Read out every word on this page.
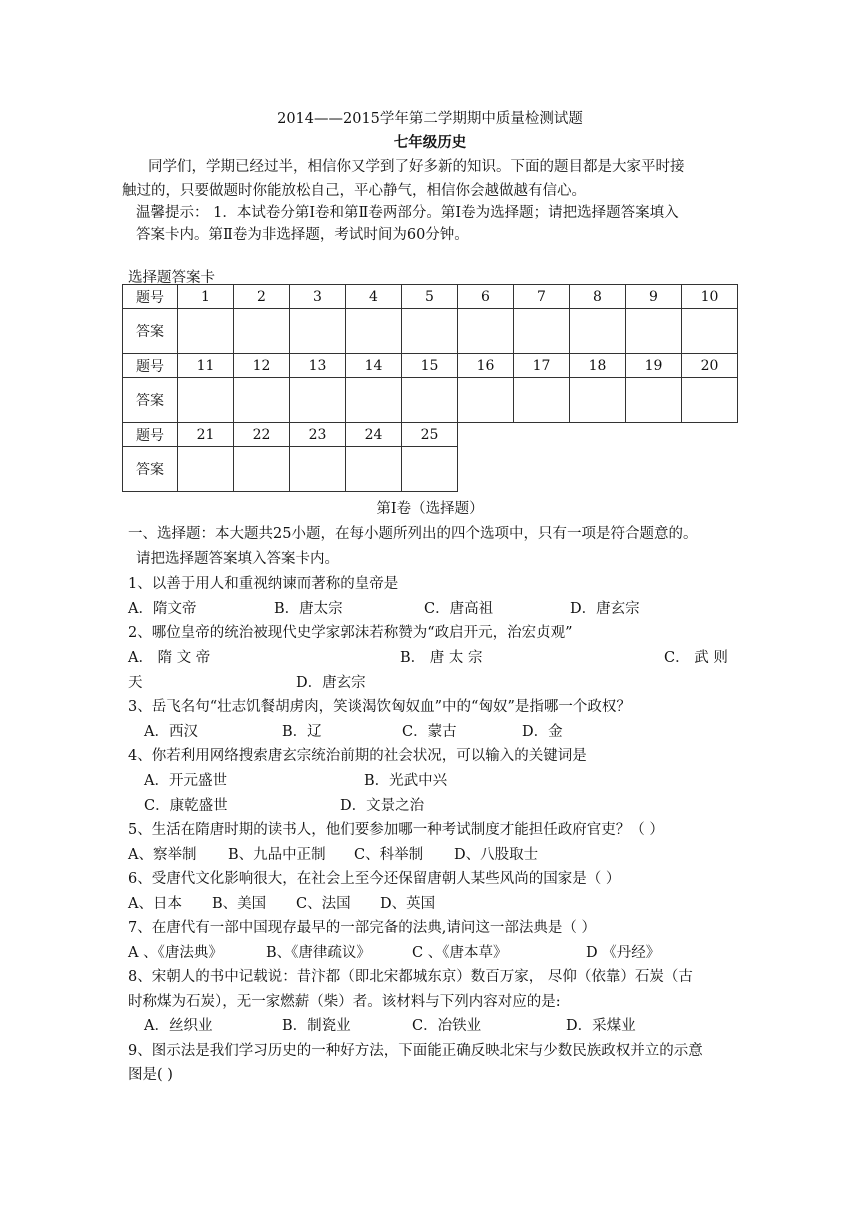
2014——2015学年第二学期期中质量检测试题
七年级历史
同学们，学期已经过半，相信你又学到了好多新的知识。下面的题目都是大家平时接
触过的，只要做题时你能放松自己，平心静气，相信你会越做越有信心。
温馨提示： 1．本试卷分第Ⅰ卷和第Ⅱ卷两部分。第Ⅰ卷为选择题；请把选择题答案填入
答案卡内。第Ⅱ卷为非选择题，考试时间为60分钟。
选择题答案卡
题号	1	2	3	4	5	6	7	8	9	10
答案										
题号	11	12	13	14	15	16	17	18	19	20
答案										
题号	21	22	23	24	25					
答案										
第Ⅰ卷（选择题）
一、选择题：本大题共25小题，在每小题所列出的四个选项中，只有一项是符合题意的。
请把选择题答案填入答案卡内。
1、以善于用人和重视纳谏而著称的皇帝是
A．隋文帝	B．唐太宗	C．唐高祖	D．唐玄宗
2、哪位皇帝的统治被现代史学家郭沫若称赞为“政启开元，治宏贞观”
A． 隋 文 帝	B． 唐 太 宗	C． 武 则
天	D．唐玄宗
3、岳飞名句“壮志饥餐胡虏肉，笑谈渴饮匈奴血”中的“匈奴”是指哪一个政权？
A．西汉	B．辽	C．蒙古	D．金
4、你若利用网络搜索唐玄宗统治前期的社会状况，可以输入的关键词是
A．开元盛世	B．光武中兴
C．康乾盛世	D．文景之治
5、生活在隋唐时期的读书人，他们要参加哪一种考试制度才能担任政府官吏？（ ）
A、察举制 B、九品中正制 C、科举制 D、八股取士
6、受唐代文化影响很大，在社会上至今还保留唐朝人某些风尚的国家是（ ）
A、日本 B、美国 C、法国 D、英国
7、在唐代有一部中国现存最早的一部完备的法典,请问这一部法典是（ ）
A 、《唐法典》	B、《唐律疏议》	C 、《唐本草》	D 《丹经》
8、宋朝人的书中记载说：昔汴都（即北宋都城东京）数百万家， 尽仰（依靠）石炭（古
时称煤为石炭），无一家燃薪（柴）者。该材料与下列内容对应的是:
A．丝织业	B．制瓷业	C．冶铁业	D．采煤业
9、图示法是我们学习历史的一种好方法，下面能正确反映北宋与少数民族政权并立的示意
图是( )
